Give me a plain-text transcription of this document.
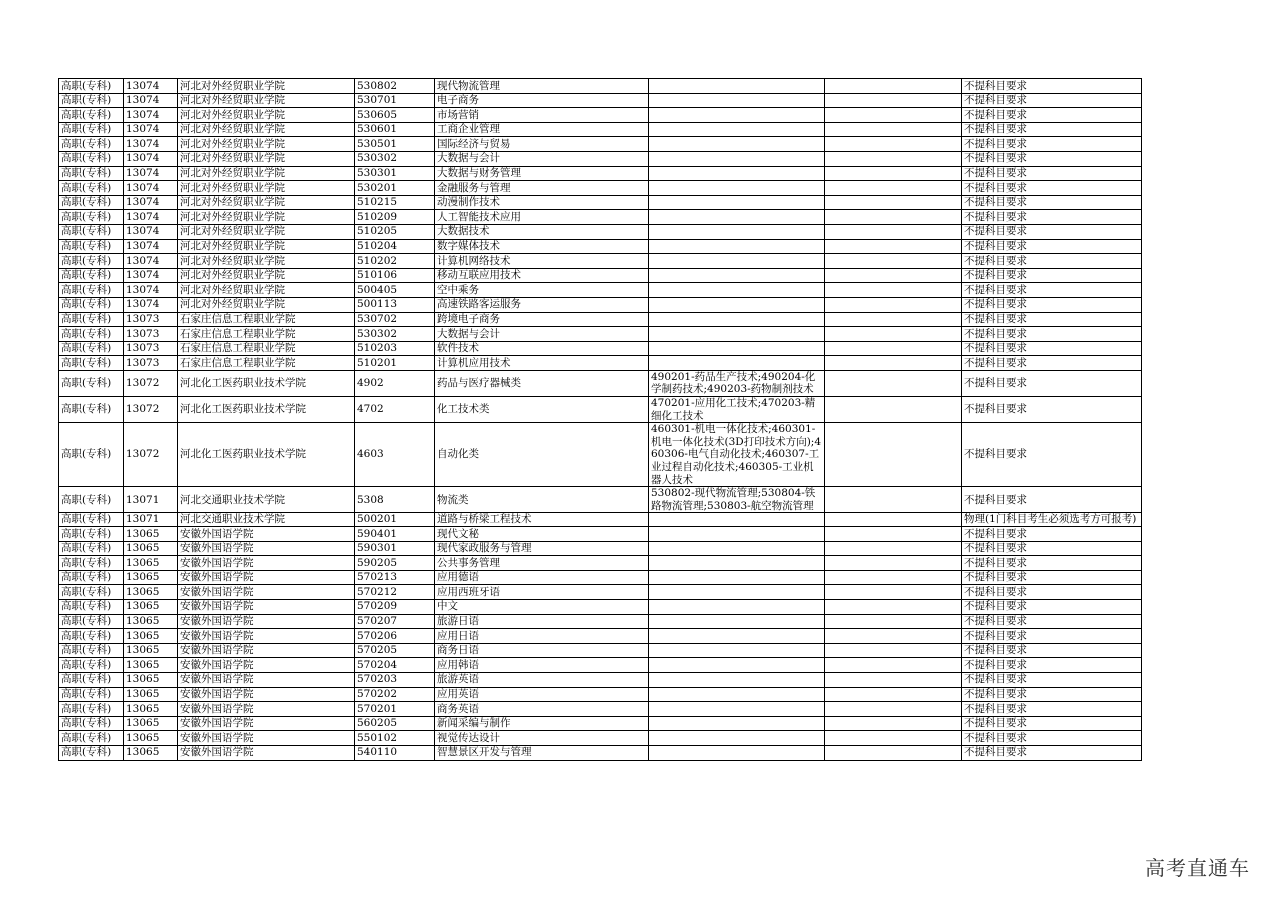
高职(专科)	13074	河北对外经贸职业学院	530802	现代物流管理			不提科目要求
高职(专科)	13074	河北对外经贸职业学院	530701	电子商务			不提科目要求
高职(专科)	13074	河北对外经贸职业学院	530605	市场营销			不提科目要求
高职(专科)	13074	河北对外经贸职业学院	530601	工商企业管理			不提科目要求
高职(专科)	13074	河北对外经贸职业学院	530501	国际经济与贸易			不提科目要求
高职(专科)	13074	河北对外经贸职业学院	530302	大数据与会计			不提科目要求
高职(专科)	13074	河北对外经贸职业学院	530301	大数据与财务管理			不提科目要求
高职(专科)	13074	河北对外经贸职业学院	530201	金融服务与管理			不提科目要求
高职(专科)	13074	河北对外经贸职业学院	510215	动漫制作技术			不提科目要求
高职(专科)	13074	河北对外经贸职业学院	510209	人工智能技术应用			不提科目要求
高职(专科)	13074	河北对外经贸职业学院	510205	大数据技术			不提科目要求
高职(专科)	13074	河北对外经贸职业学院	510204	数字媒体技术			不提科目要求
高职(专科)	13074	河北对外经贸职业学院	510202	计算机网络技术			不提科目要求
高职(专科)	13074	河北对外经贸职业学院	510106	移动互联应用技术			不提科目要求
高职(专科)	13074	河北对外经贸职业学院	500405	空中乘务			不提科目要求
高职(专科)	13074	河北对外经贸职业学院	500113	高速铁路客运服务			不提科目要求
高职(专科)	13073	石家庄信息工程职业学院	530702	跨境电子商务			不提科目要求
高职(专科)	13073	石家庄信息工程职业学院	530302	大数据与会计			不提科目要求
高职(专科)	13073	石家庄信息工程职业学院	510203	软件技术			不提科目要求
高职(专科)	13073	石家庄信息工程职业学院	510201	计算机应用技术			不提科目要求
高职(专科)	13072	河北化工医药职业技术学院	4902	药品与医疗器械类	490201-药品生产技术;490204-化学制药技术;490203-药物制剂技术		不提科目要求
高职(专科)	13072	河北化工医药职业技术学院	4702	化工技术类	470201-应用化工技术;470203-精细化工技术		不提科目要求
高职(专科)	13072	河北化工医药职业技术学院	4603	自动化类	460301-机电一体化技术;460301-机电一体化技术(3D打印技术方向);460306-电气自动化技术;460307-工业过程自动化技术;460305-工业机器人技术		不提科目要求
高职(专科)	13071	河北交通职业技术学院	5308	物流类	530802-现代物流管理;530804-铁路物流管理;530803-航空物流管理		不提科目要求
高职(专科)	13071	河北交通职业技术学院	500201	道路与桥梁工程技术			物理(1门科目考生必须选考方可报考)
高职(专科)	13065	安徽外国语学院	590401	现代文秘			不提科目要求
高职(专科)	13065	安徽外国语学院	590301	现代家政服务与管理			不提科目要求
高职(专科)	13065	安徽外国语学院	590205	公共事务管理			不提科目要求
高职(专科)	13065	安徽外国语学院	570213	应用德语			不提科目要求
高职(专科)	13065	安徽外国语学院	570212	应用西班牙语			不提科目要求
高职(专科)	13065	安徽外国语学院	570209	中文			不提科目要求
高职(专科)	13065	安徽外国语学院	570207	旅游日语			不提科目要求
高职(专科)	13065	安徽外国语学院	570206	应用日语			不提科目要求
高职(专科)	13065	安徽外国语学院	570205	商务日语			不提科目要求
高职(专科)	13065	安徽外国语学院	570204	应用韩语			不提科目要求
高职(专科)	13065	安徽外国语学院	570203	旅游英语			不提科目要求
高职(专科)	13065	安徽外国语学院	570202	应用英语			不提科目要求
高职(专科)	13065	安徽外国语学院	570201	商务英语			不提科目要求
高职(专科)	13065	安徽外国语学院	560205	新闻采编与制作			不提科目要求
高职(专科)	13065	安徽外国语学院	550102	视觉传达设计			不提科目要求
高职(专科)	13065	安徽外国语学院	540110	智慧景区开发与管理			不提科目要求
高考直通车
